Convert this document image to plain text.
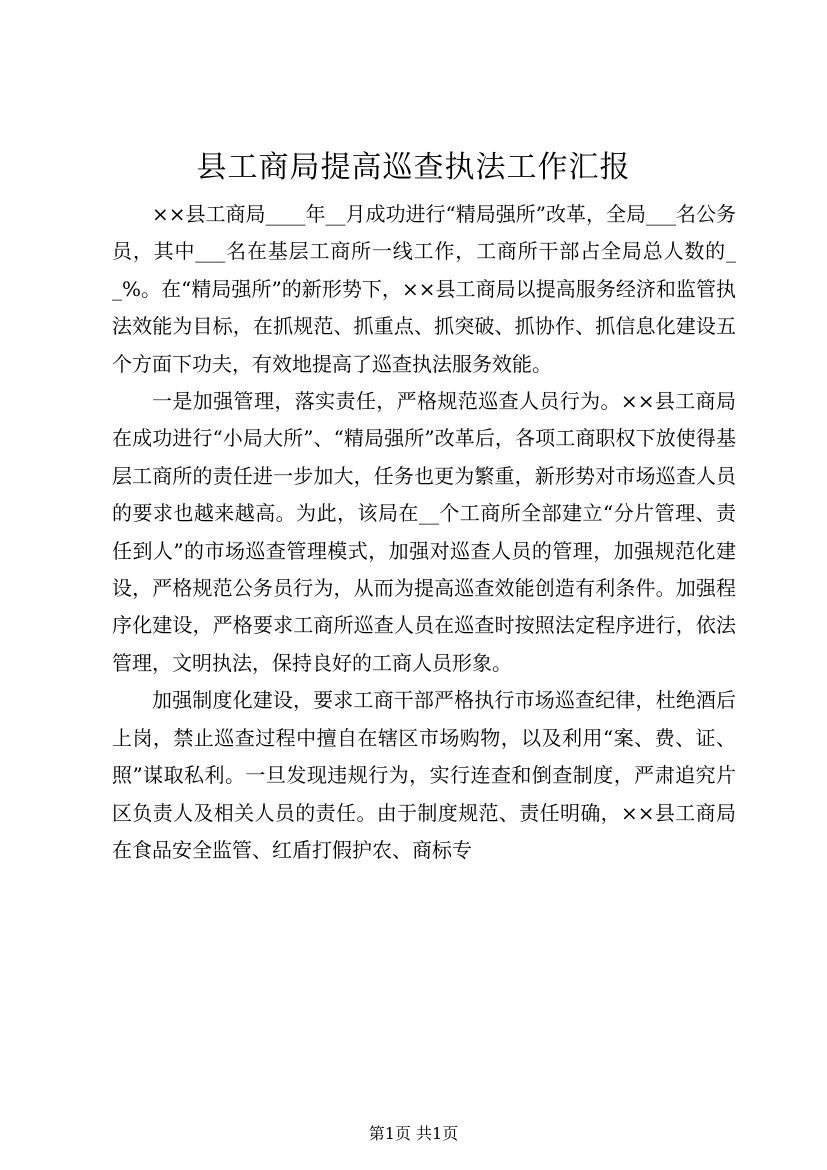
县工商局提高巡查执法工作汇报

××县工商局____年__月成功进行“精局强所”改革，全局___名公务员，其中___名在基层工商所一线工作，工商所干部占全局总人数的__%。在“精局强所”的新形势下，××县工商局以提高服务经济和监管执法效能为目标，在抓规范、抓重点、抓突破、抓协作、抓信息化建设五个方面下功夫，有效地提高了巡查执法服务效能。

一是加强管理，落实责任，严格规范巡查人员行为。××县工商局在成功进行“小局大所”、“精局强所”改革后，各项工商职权下放使得基层工商所的责任进一步加大，任务也更为繁重，新形势对市场巡查人员的要求也越来越高。为此，该局在__个工商所全部建立“分片管理、责任到人”的市场巡查管理模式，加强对巡查人员的管理，加强规范化建设，严格规范公务员行为，从而为提高巡查效能创造有利条件。加强程序化建设，严格要求工商所巡查人员在巡查时按照法定程序进行，依法管理，文明执法，保持良好的工商人员形象。

加强制度化建设，要求工商干部严格执行市场巡查纪律，杜绝酒后上岗，禁止巡查过程中擅自在辖区市场购物，以及利用“案、费、证、照”谋取私利。一旦发现违规行为，实行连查和倒查制度，严肃追究片区负责人及相关人员的责任。由于制度规范、责任明确，××县工商局在食品安全监管、红盾打假护农、商标专

第1页 共1页
